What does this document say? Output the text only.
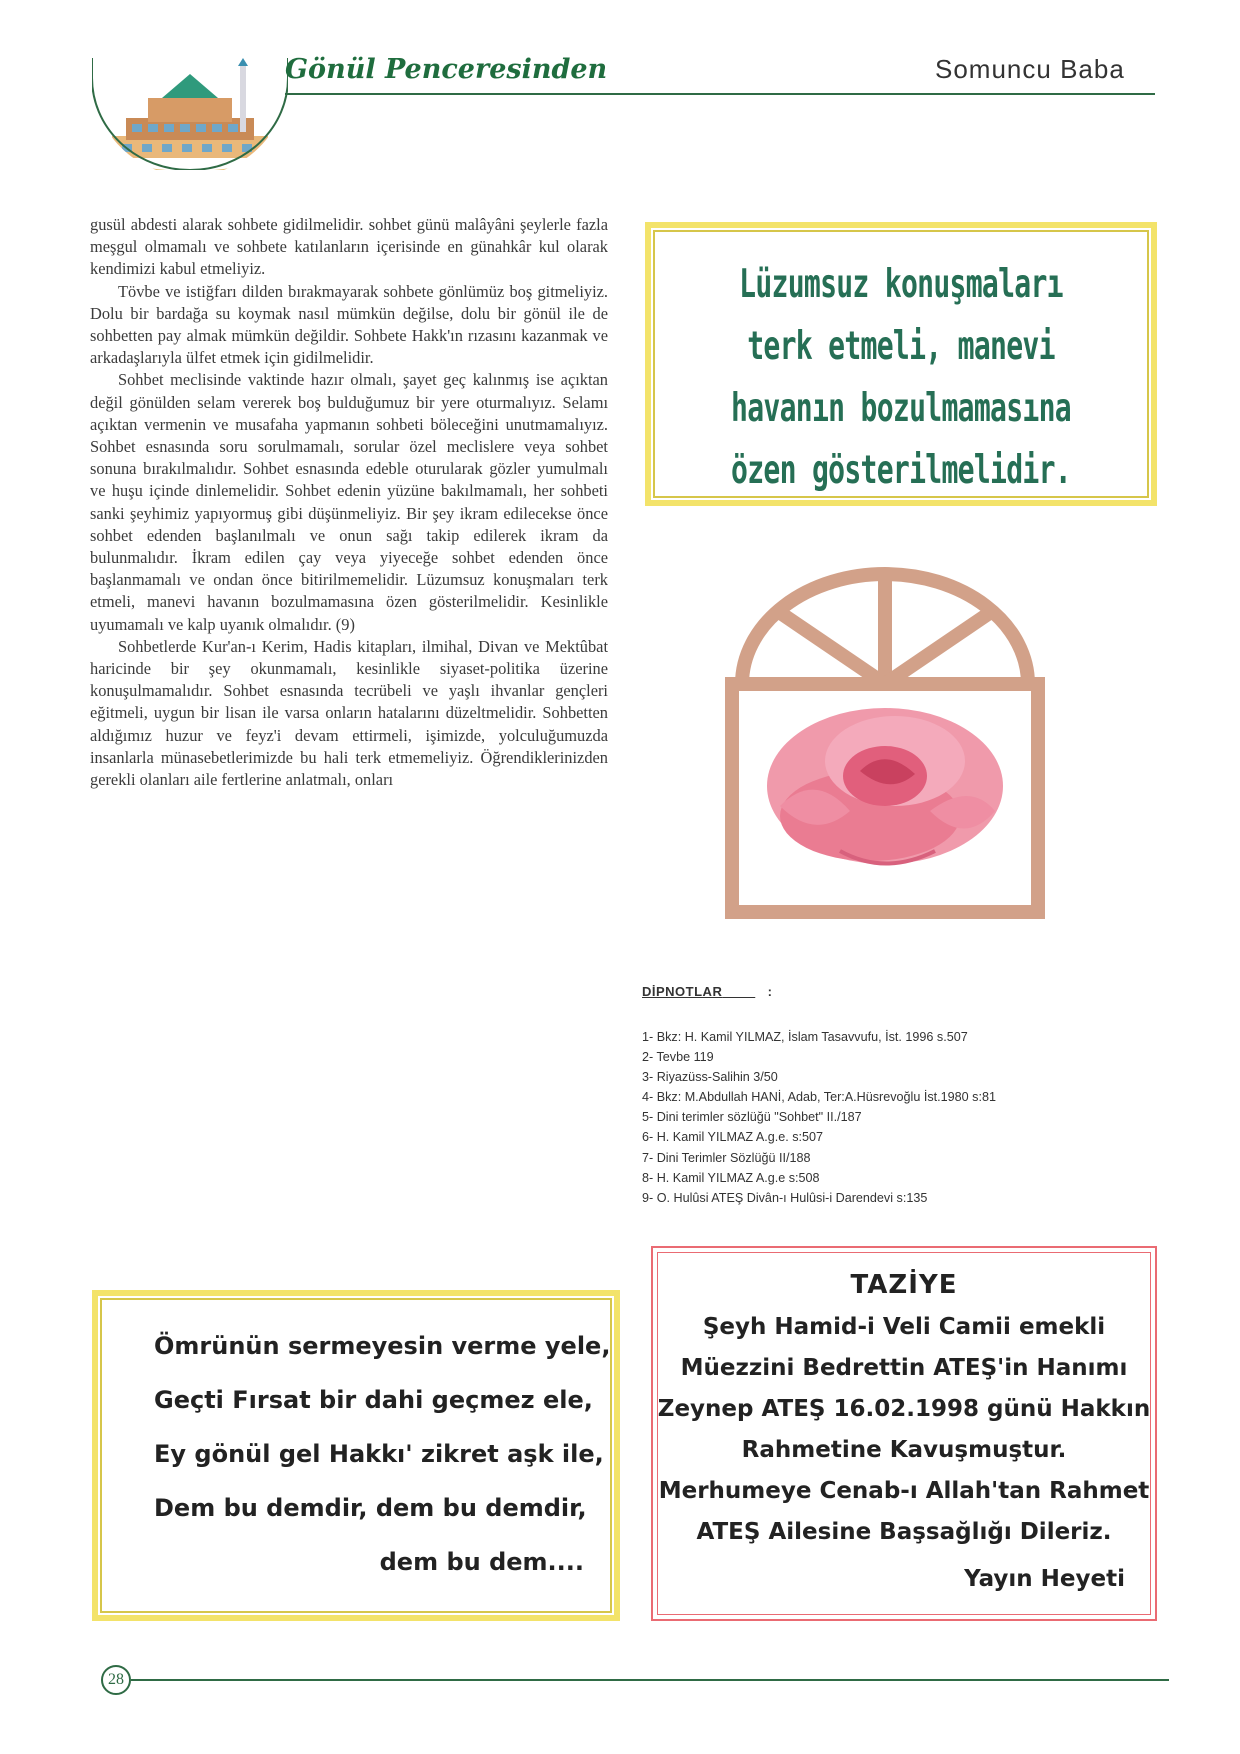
Gönül Penceresinden	Somuncu Baba

gusül abdesti alarak sohbete gidilmelidir. sohbet günü malâyâni şeylerle fazla meşgul olmamalı ve sohbete katılanların içerisinde en günahkâr kul olarak kendimizi kabul etmeliyiz.

Tövbe ve istiğfarı dilden bırakmayarak sohbete gönlümüz boş gitmeliyiz. Dolu bir bardağa su koymak nasıl mümkün değilse, dolu bir gönül ile de sohbetten pay almak mümkün değildir. Sohbete Hakk'ın rızasını kazanmak ve arkadaşlarıyla ülfet etmek için gidilmelidir.

Sohbet meclisinde vaktinde hazır olmalı, şayet geç kalınmış ise açıktan değil gönülden selam vererek boş bulduğumuz bir yere oturmalıyız. Selamı açıktan vermenin ve musafaha yapmanın sohbeti böleceğini unutmamalıyız. Sohbet esnasında soru sorulmamalı, sorular özel meclislere veya sohbet sonuna bırakılmalıdır. Sohbet esnasında edeble oturularak gözler yumulmalı ve huşu içinde dinlemelidir. Sohbet edenin yüzüne bakılmamalı, her sohbeti sanki şeyhimiz yapıyormuş gibi düşünmeliyiz. Bir şey ikram edilecekse önce sohbet edenden başlanılmalı ve onun sağı takip edilerek ikram da bulunmalıdır. İkram edilen çay veya yiyeceğe sohbet edenden önce başlanmamalı ve ondan önce bitirilmemelidir. Lüzumsuz konuşmaları terk etmeli, manevi havanın bozulmamasına özen gösterilmelidir. Kesinlikle uyumamalı ve kalp uyanık olmalıdır. (9)

Sohbetlerde Kur'an-ı Kerim, Hadis kitapları, ilmihal, Divan ve Mektûbat haricinde bir şey okunmamalı, kesinlikle siyaset-politika üzerine konuşulmamalıdır. Sohbet esnasında tecrübeli ve yaşlı ihvanlar gençleri eğitmeli, uygun bir lisan ile varsa onların hatalarını düzeltmelidir. Sohbetten aldığımız huzur ve feyz'i devam ettirmeli, işimizde, yolculuğumuzda insanlarla münasebetlerimizde bu hali terk etmemeliyiz. Öğrendiklerinizden gerekli olanları aile fertlerine anlatmalı, onları

Lüzumsuz konuşmaları terk etmeli, manevi havanın bozulmamasına özen gösterilmelidir.
DİPNOTLAR	:
1- Bkz: H. Kamil YILMAZ, İslam Tasavvufu, İst. 1996 s.507
2- Tevbe 119
3- Riyazüss-Salihin 3/50
4- Bkz: M.Abdullah HANİ, Adab, Ter:A.Hüsrevoğlu İst.1980 s:81
5- Dini terimler sözlüğü "Sohbet" II./187
6- H. Kamil YILMAZ A.g.e. s:507
7- Dini Terimler Sözlüğü II/188
8- H. Kamil YILMAZ A.g.e s:508
9- O. Hulûsi ATEŞ Divân-ı Hulûsi-i Darendevi s:135
Ömrünün sermeyesin verme yele,
Geçti Fırsat bir dahi geçmez ele,
Ey gönül gel Hakkı' zikret aşk ile,
Dem bu demdir, dem bu demdir,
dem bu dem....
TAZİYE
Şeyh Hamid-i Veli Camii emekli
Müezzini Bedrettin ATEŞ'in Hanımı
Zeynep ATEŞ 16.02.1998 günü Hakkın
Rahmetine Kavuşmuştur.
Merhumeye Cenab-ı Allah'tan Rahmet
ATEŞ Ailesine Başsağlığı Dileriz.
Yayın Heyeti
28
